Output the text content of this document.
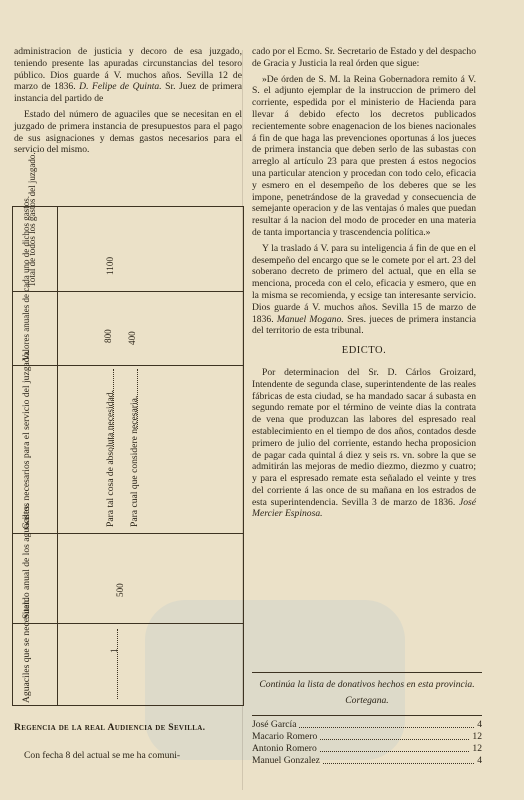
administracion de justicia y decoro de esa juzgado, teniendo presente las apuradas circunstancias del tesoro público. Dios guarde á V. muchos años. Sevilla 12 de marzo de 1836. D. Felipe de Quinta. Sr. Juez de primera instancia del partido de

Estado del número de aguaciles que se necesitan en el juzgado de primera instancia de presupuestos para el pago de sus asignaciones y demas gastos necesarios para el servicio del mismo.

Total de todos los gastos del juzgado.	1100
Valores anuales de cada uno de dichos gastos.	800 400
Gastos necesarios para el servicio del juzgado.	Para tal cosa de absoluta necesidad. Para cual que considere necesaria.
Sueldo anual de los aguaciles.	500
Aguaciles que se necesitan.	1
Regencia de la real Audiencia de Sevilla.
Con fecha 8 del actual se me ha comuni-

cado por el Ecmo. Sr. Secretario de Estado y del despacho de Gracia y Justicia la real órden que sigue:

»De órden de S. M. la Reina Gobernadora remito á V. S. el adjunto ejemplar de la instruccion de primero del corriente, espedida por el ministerio de Hacienda para llevar á debido efecto los decretos publicados recientemente sobre enagenacion de los bienes nacionales á fin de que haga las prevenciones oportunas á los jueces de primera instancia que deben serlo de las subastas con arreglo al artículo 23 para que presten á estos negocios una particular atencion y procedan con todo celo, eficacia y esmero en el desempeño de los deberes que se les impone, penetrándose de la gravedad y consecuencia de semejante operacion y de las ventajas ó males que puedan resultar á la nacion del modo de proceder en una materia de tanta importancia y trascendencia política.»

Y la traslado á V. para su inteligencia á fin de que en el desempeño del encargo que se le comete por el art. 23 del soberano decreto de primero del actual, que en ella se menciona, proceda con el celo, eficacia y esmero, que en la misma se recomienda, y ecsige tan interesante servicio. Dios guarde á V. muchos años. Sevilla 15 de marzo de 1836. Manuel Mogano. Sres. jueces de primera instancia del territorio de esta tribunal.

EDICTO.

Por determinacion del Sr. D. Cárlos Groizard, Intendente de segunda clase, superintendente de las reales fábricas de esta ciudad, se ha mandado sacar á subasta en segundo remate por el término de veinte dias la contrata de vena que produzcan las labores del espresado real establecimiento en el tiempo de dos años, contados desde primero de julio del corriente, estando hecha proposicion de pagar cada quintal á diez y seis rs. vn. sobre la que se admitirán las mejoras de medio diezmo, diezmo y cuatro; y para el espresado remate esta señalado el veinte y tres del corriente á las once de su mañana en los estrados de esta superintendencia. Sevilla 3 de marzo de 1836. José Mercier Espinosa.

Continúa la lista de donativos hechos en esta provincia.
Cortegana.
José García	4
Macario Romero	12
Antonio Romero	12
Manuel Gonzalez	4
